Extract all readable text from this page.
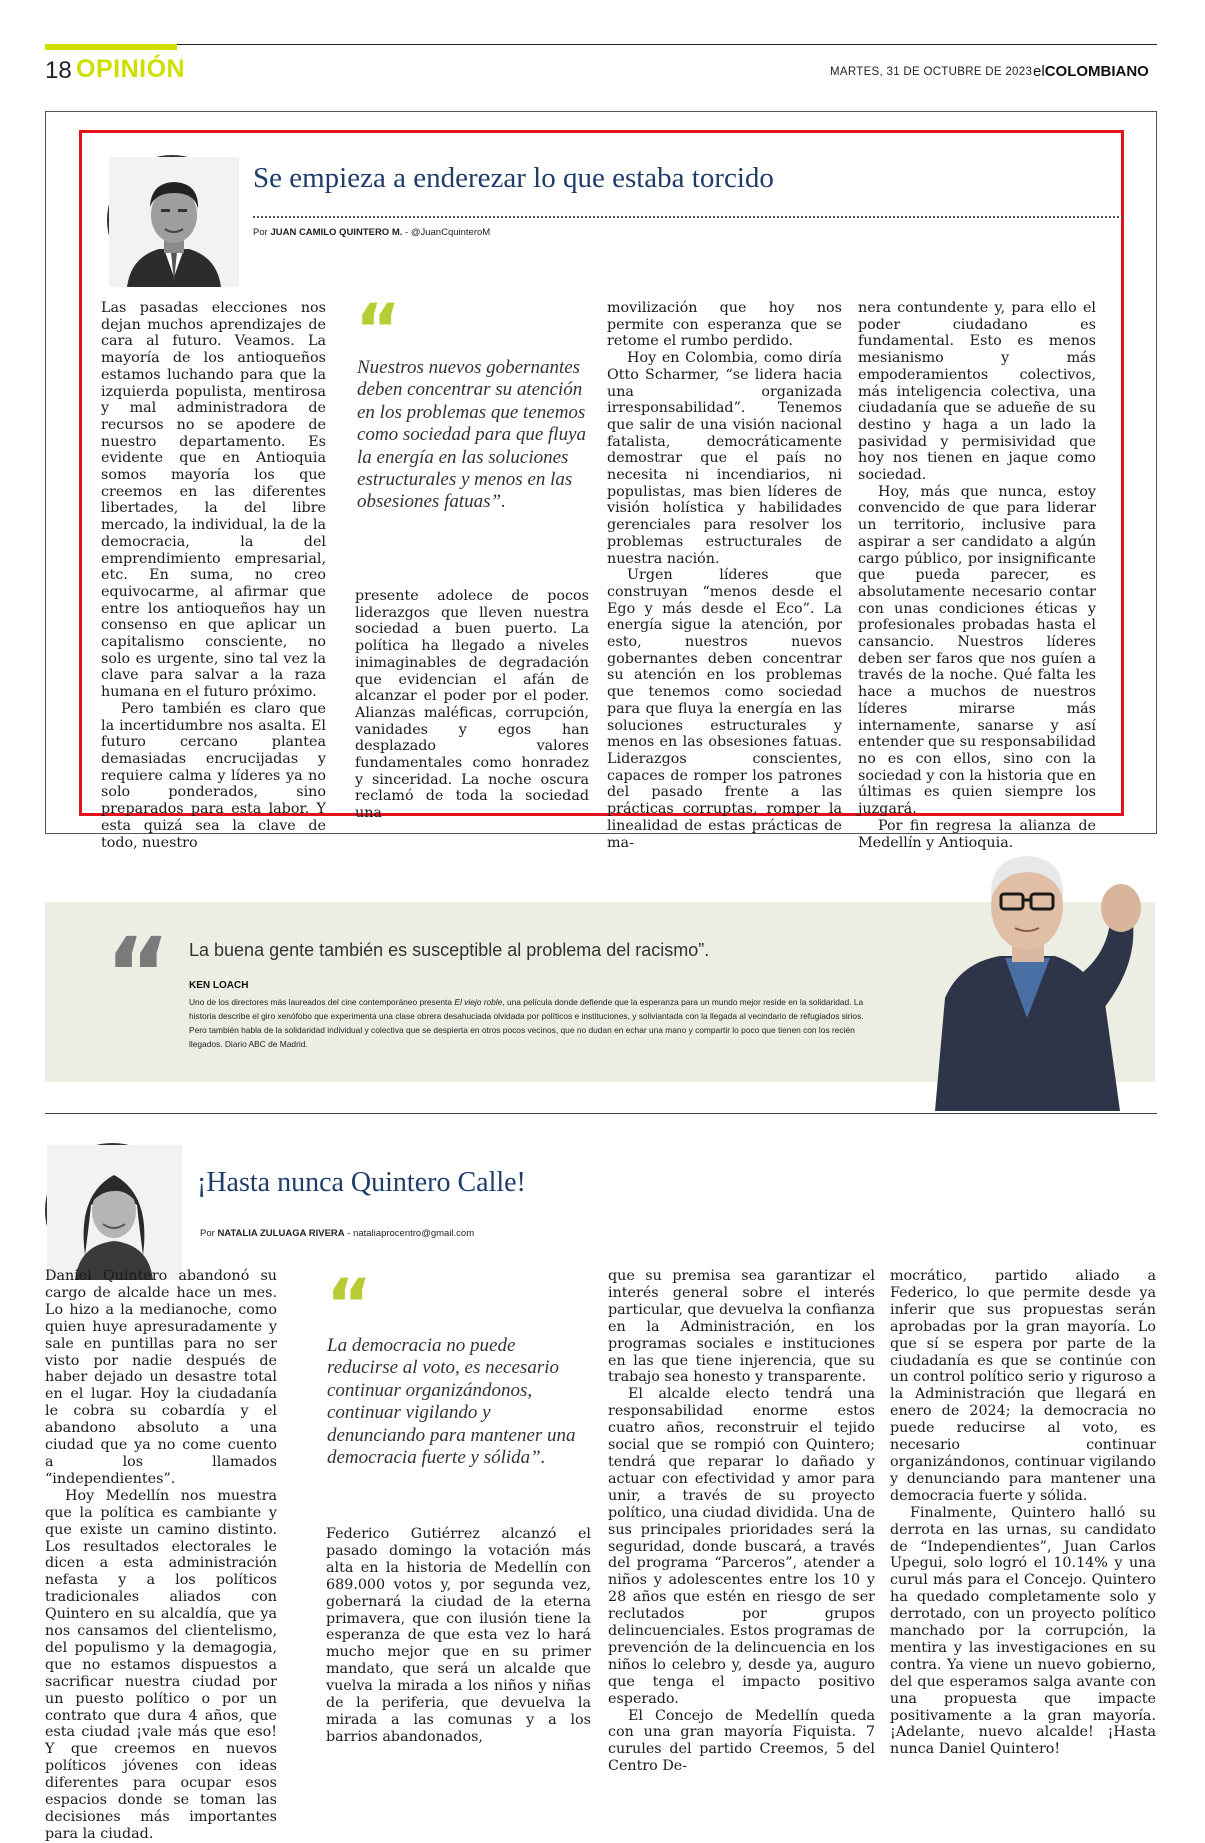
18 OPINIÓN	MARTES, 31 DE OCTUBRE DE 2023 elCOLOMBIANO
Se empieza a enderezar lo que estaba torcido
Por JUAN CAMILO QUINTERO M. - @JuanCquinteroM

Las pasadas elecciones nos dejan muchos aprendizajes de cara al futuro. Veamos. La mayoría de los antioqueños estamos luchando para que la izquierda populista, mentirosa y mal administradora de recursos no se apodere de nuestro departamento. Es evidente que en Antioquia somos mayoría los que creemos en las diferentes libertades, la del libre mercado, la individual, la de la democracia, la del emprendimiento empresarial, etc. En suma, no creo equivocarme, al afirmar que entre los antioqueños hay un consenso en que aplicar un capitalismo consciente, no solo es urgente, sino tal vez la clave para salvar a la raza humana en el futuro próximo.

Pero también es claro que la incertidumbre nos asalta. El futuro cercano plantea demasiadas encrucijadas y requiere calma y líderes ya no solo ponderados, sino preparados para esta labor. Y esta quizá sea la clave de todo, nuestro

“
Nuestros nuevos gobernantes deben concentrar su atención en los problemas que tenemos como sociedad para que fluya la energía en las soluciones estructurales y menos en las obsesiones fatuas”.

presente adolece de pocos liderazgos que lleven nuestra sociedad a buen puerto. La política ha llegado a niveles inimaginables de degradación que evidencian el afán de alcanzar el poder por el poder. Alianzas maléficas, corrupción, vanidades y egos han desplazado valores fundamentales como honradez y sinceridad. La noche oscura reclamó de toda la sociedad una

movilización que hoy nos permite con esperanza que se retome el rumbo perdido.

Hoy en Colombia, como diría Otto Scharmer, “se lidera hacia una organizada irresponsabilidad”. Tenemos que salir de una visión nacional fatalista, democráticamente demostrar que el país no necesita ni incendiarios, ni populistas, mas bien líderes de visión holística y habilidades gerenciales para resolver los problemas estructurales de nuestra nación.

Urgen líderes que construyan “menos desde el Ego y más desde el Eco”. La energía sigue la atención, por esto, nuestros nuevos gobernantes deben concentrar su atención en los problemas que tenemos como sociedad para que fluya la energía en las soluciones estructurales y menos en las obsesiones fatuas. Liderazgos conscientes, capaces de romper los patrones del pasado frente a las prácticas corruptas, romper la linealidad de estas prácticas de ma-

nera contundente y, para ello el poder ciudadano es fundamental. Esto es menos mesianismo y más empoderamientos colectivos, más inteligencia colectiva, una ciudadanía que se adueñe de su destino y haga a un lado la pasividad y permisividad que hoy nos tienen en jaque como sociedad.

Hoy, más que nunca, estoy convencido de que para liderar un territorio, inclusive para aspirar a ser candidato a algún cargo público, por insignificante que pueda parecer, es absolutamente necesario contar con unas condiciones éticas y profesionales probadas hasta el cansancio. Nuestros líderes deben ser faros que nos guíen a través de la noche. Qué falta les hace a muchos de nuestros líderes mirarse más internamente, sanarse y así entender que su responsabilidad no es con ellos, sino con la sociedad y con la historia que en últimas es quien siempre los juzgará.

Por fin regresa la alianza de Medellín y Antioquia.

“ La buena gente también es susceptible al problema del racismo”.
KEN LOACH
Uno de los directores más laureados del cine contemporáneo presenta El viejo roble, una película donde defiende que la esperanza para un mundo mejor reside en la solidaridad. La historia describe el giro xenófobo que experimenta una clase obrera desahuciada olvidada por políticos e instituciones, y soliviantada con la llegada al vecindario de refugiados sirios. Pero también habla de la solidaridad individual y colectiva que se despierta en otros pocos vecinos, que no dudan en echar una mano y compartir lo poco que tienen con los recién llegados. Diario ABC de Madrid.
¡Hasta nunca Quintero Calle!
Por NATALIA ZULUAGA RIVERA - nataliaprocentro@gmail.com

Daniel Quintero abandonó su cargo de alcalde hace un mes. Lo hizo a la medianoche, como quien huye apresuradamente y sale en puntillas para no ser visto por nadie después de haber dejado un desastre total en el lugar. Hoy la ciudadanía le cobra su cobardía y el abandono absoluto a una ciudad que ya no come cuento a los llamados “independientes”.

Hoy Medellín nos muestra que la política es cambiante y que existe un camino distinto. Los resultados electorales le dicen a esta administración nefasta y a los políticos tradicionales aliados con Quintero en su alcaldía, que ya nos cansamos del clientelismo, del populismo y la demagogia, que no estamos dispuestos a sacrificar nuestra ciudad por un puesto político o por un contrato que dura 4 años, que esta ciudad ¡vale más que eso! Y que creemos en nuevos políticos jóvenes con ideas diferentes para ocupar esos espacios donde se toman las decisiones más importantes para la ciudad.

“
La democracia no puede reducirse al voto, es necesario continuar organizándonos, continuar vigilando y denunciando para mantener una democracia fuerte y sólida”.

Federico Gutiérrez alcanzó el pasado domingo la votación más alta en la historia de Medellín con 689.000 votos y, por segunda vez, gobernará la ciudad de la eterna primavera, que con ilusión tiene la esperanza de que esta vez lo hará mucho mejor que en su primer mandato, que será un alcalde que vuelva la mirada a los niños y niñas de la periferia, que devuelva la mirada a las comunas y a los barrios abandonados,

que su premisa sea garantizar el interés general sobre el interés particular, que devuelva la confianza en la Administración, en los programas sociales e instituciones en las que tiene injerencia, que su trabajo sea honesto y transparente.

El alcalde electo tendrá una responsabilidad enorme estos cuatro años, reconstruir el tejido social que se rompió con Quintero; tendrá que reparar lo dañado y actuar con efectividad y amor para unir, a través de su proyecto político, una ciudad dividida. Una de sus principales prioridades será la seguridad, donde buscará, a través del programa “Parceros”, atender a niños y adolescentes entre los 10 y 28 años que estén en riesgo de ser reclutados por grupos delincuenciales. Estos programas de prevención de la delincuencia en los niños lo celebro y, desde ya, auguro que tenga el impacto positivo esperado.

El Concejo de Medellín queda con una gran mayoría Fiquista. 7 curules del partido Creemos, 5 del Centro De-

mocrático, partido aliado a Federico, lo que permite desde ya inferir que sus propuestas serán aprobadas por la gran mayoría. Lo que sí se espera por parte de la ciudadanía es que se continúe con un control político serio y riguroso a la Administración que llegará en enero de 2024; la democracia no puede reducirse al voto, es necesario continuar organizándonos, continuar vigilando y denunciando para mantener una democracia fuerte y sólida.

Finalmente, Quintero halló su derrota en las urnas, su candidato de “Independientes”, Juan Carlos Upegui, solo logró el 10.14% y una curul más para el Concejo. Quintero ha quedado completamente solo y derrotado, con un proyecto político manchado por la corrupción, la mentira y las investigaciones en su contra. Ya viene un nuevo gobierno, del que esperamos salga avante con una propuesta que impacte positivamente a la gran mayoría. ¡Adelante, nuevo alcalde! ¡Hasta nunca Daniel Quintero!
